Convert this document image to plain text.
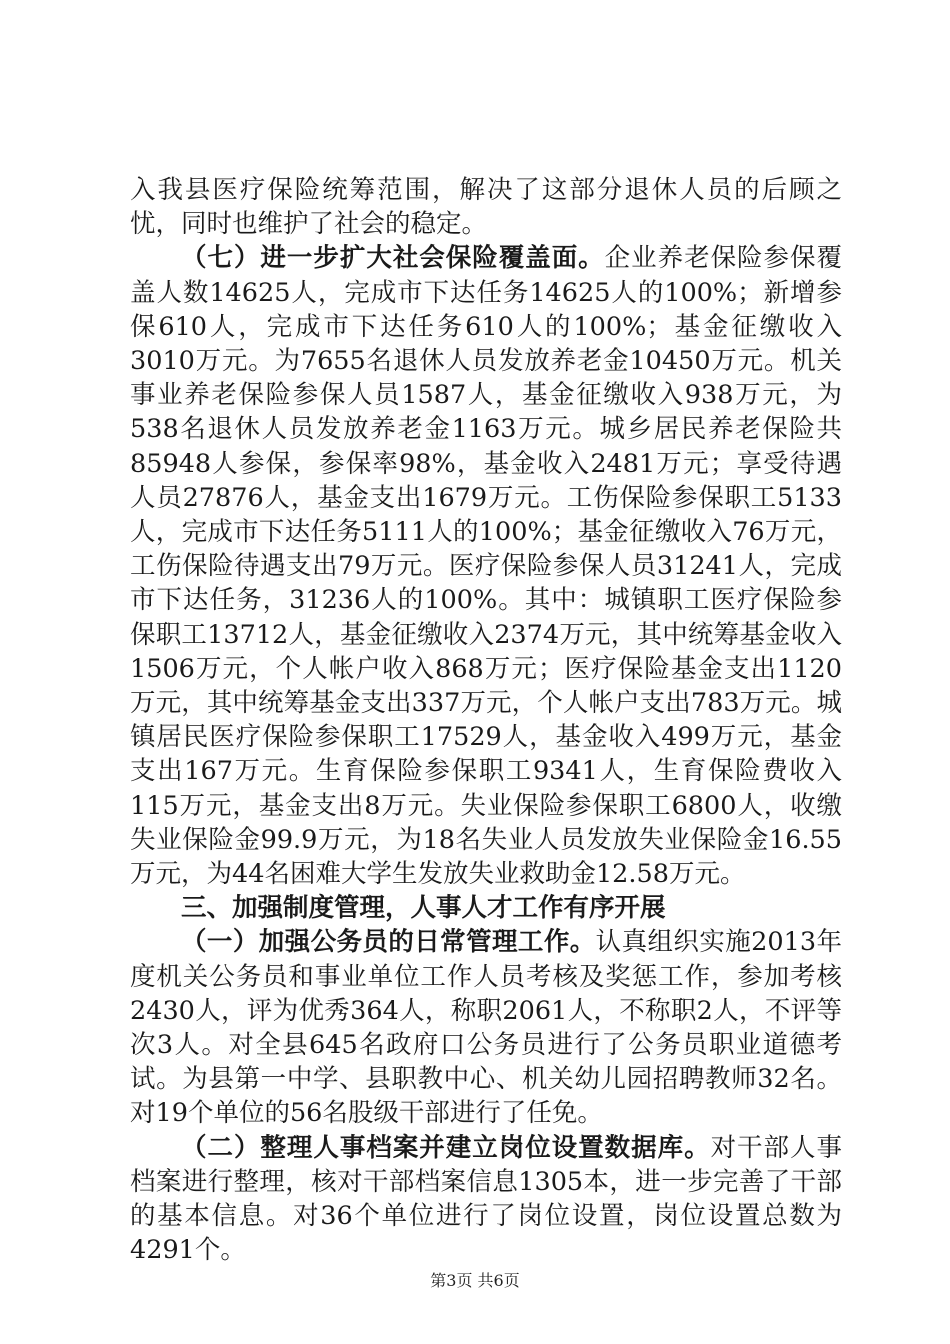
入我县医疗保险统筹范围，解决了这部分退休人员的后顾之忧，同时也维护了社会的稳定。

（七）进一步扩大社会保险覆盖面。企业养老保险参保覆盖人数14625人，完成市下达任务14625人的100%；新增参保610人，完成市下达任务610人的100%；基金征缴收入3010万元。为7655名退休人员发放养老金10450万元。机关事业养老保险参保人员1587人，基金征缴收入938万元，为538名退休人员发放养老金1163万元。城乡居民养老保险共85948人参保，参保率98%，基金收入2481万元；享受待遇人员27876人，基金支出1679万元。工伤保险参保职工5133人，完成市下达任务5111人的100%；基金征缴收入76万元，工伤保险待遇支出79万元。医疗保险参保人员31241人，完成市下达任务，31236人的100%。其中：城镇职工医疗保险参保职工13712人，基金征缴收入2374万元，其中统筹基金收入1506万元，个人帐户收入868万元；医疗保险基金支出1120万元，其中统筹基金支出337万元，个人帐户支出783万元。城镇居民医疗保险参保职工17529人，基金收入499万元，基金支出167万元。生育保险参保职工9341人，生育保险费收入115万元，基金支出8万元。失业保险参保职工6800人，收缴失业保险金99.9万元，为18名失业人员发放失业保险金16.55万元，为44名困难大学生发放失业救助金12.58万元。

三、加强制度管理，人事人才工作有序开展

（一）加强公务员的日常管理工作。认真组织实施2013年度机关公务员和事业单位工作人员考核及奖惩工作，参加考核2430人，评为优秀364人，称职2061人，不称职2人，不评等次3人。对全县645名政府口公务员进行了公务员职业道德考试。为县第一中学、县职教中心、机关幼儿园招聘教师32名。对19个单位的56名股级干部进行了任免。

（二）整理人事档案并建立岗位设置数据库。对干部人事档案进行整理，核对干部档案信息1305本，进一步完善了干部的基本信息。对36个单位进行了岗位设置，岗位设置总数为4291个。

第3页 共6页
